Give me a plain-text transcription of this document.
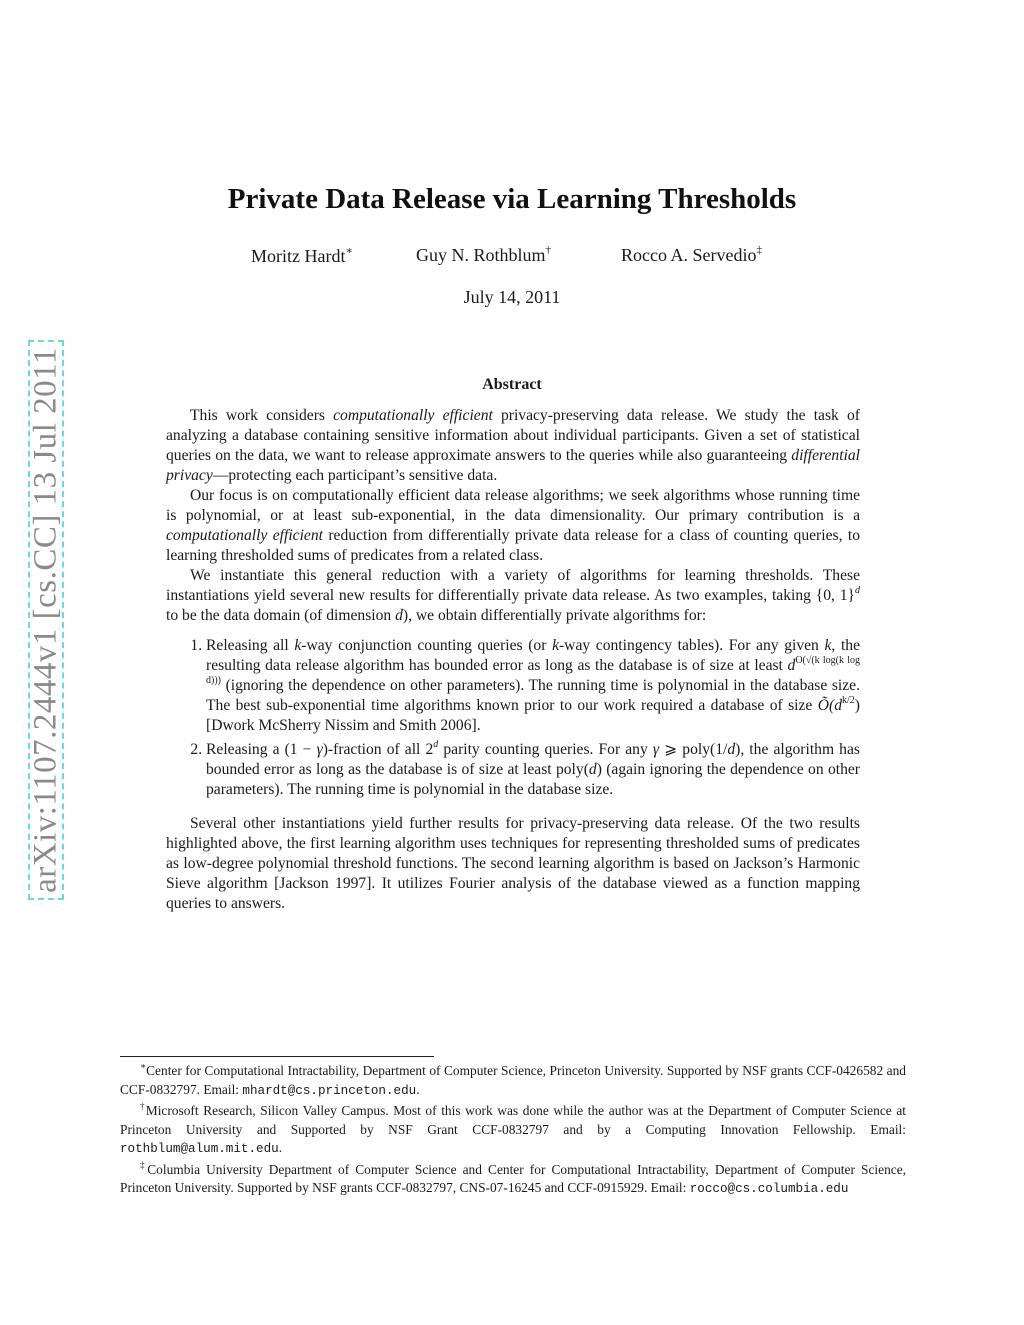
arXiv:1107.2444v1 [cs.CC] 13 Jul 2011
Private Data Release via Learning Thresholds
Moritz Hardt∗	Guy N. Rothblum†	Rocco A. Servedio‡
July 14, 2011
Abstract

This work considers computationally efficient privacy-preserving data release. We study the task of analyzing a database containing sensitive information about individual participants. Given a set of statistical queries on the data, we want to release approximate answers to the queries while also guaranteeing differential privacy—protecting each participant’s sensitive data.

Our focus is on computationally efficient data release algorithms; we seek algorithms whose running time is polynomial, or at least sub-exponential, in the data dimensionality. Our primary contribution is a computationally efficient reduction from differentially private data release for a class of counting queries, to learning thresholded sums of predicates from a related class.

We instantiate this general reduction with a variety of algorithms for learning thresholds. These instantiations yield several new results for differentially private data release. As two examples, taking {0, 1}$^d$ to be the data domain (of dimension d), we obtain differentially private algorithms for:

1. Releasing all k-way conjunction counting queries (or k-way contingency tables). For any given k, the resulting data release algorithm has bounded error as long as the database is of size at least $d^{O(√(k log(k log d)))}$ (ignoring the dependence on other parameters). The running time is polynomial in the database size. The best sub-exponential time algorithms known prior to our work required a database of size $Õ(d^{k/2})$ [Dwork McSherry Nissim and Smith 2006].
2. Releasing a (1 − γ)-fraction of all 2$^d$ parity counting queries. For any γ ⩾ poly(1/d), the algorithm has bounded error as long as the database is of size at least poly(d) (again ignoring the dependence on other parameters). The running time is polynomial in the database size.

Several other instantiations yield further results for privacy-preserving data release. Of the two results highlighted above, the first learning algorithm uses techniques for representing thresholded sums of predicates as low-degree polynomial threshold functions. The second learning algorithm is based on Jackson’s Harmonic Sieve algorithm [Jackson 1997]. It utilizes Fourier analysis of the database viewed as a function mapping queries to answers.

∗Center for Computational Intractability, Department of Computer Science, Princeton University. Supported by NSF grants CCF-0426582 and CCF-0832797. Email: mhardt@cs.princeton.edu.

†Microsoft Research, Silicon Valley Campus. Most of this work was done while the author was at the Department of Computer Science at Princeton University and Supported by NSF Grant CCF-0832797 and by a Computing Innovation Fellowship. Email: rothblum@alum.mit.edu.

‡Columbia University Department of Computer Science and Center for Computational Intractability, Department of Computer Science, Princeton University. Supported by NSF grants CCF-0832797, CNS-07-16245 and CCF-0915929. Email: rocco@cs.columbia.edu
